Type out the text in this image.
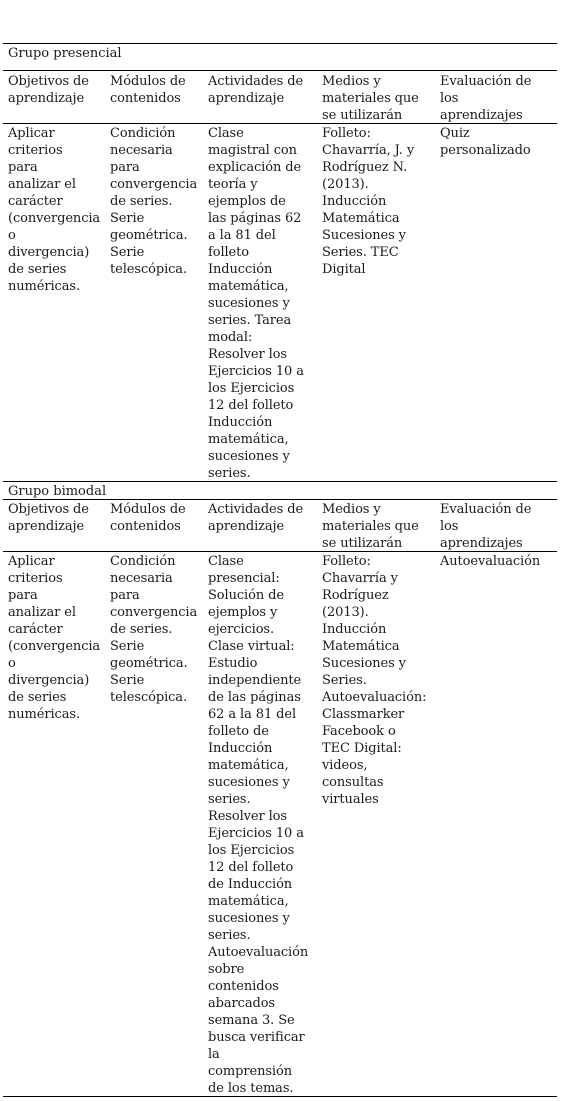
Grupo presencial
Objetivos de
aprendizaje
Módulos de
contenidos
Actividades de
aprendizaje
Medios y
materiales que
se utilizarán
Evaluación de
los
aprendizajes
Aplicar
criterios
para
analizar el
carácter
(convergencia
o
divergencia)
de series
numéricas.
Condición
necesaria
para
convergencia
de series.
Serie
geométrica.
Serie
telescópica.
Clase
magistral con
explicación de
teoría y
ejemplos de
las páginas 62
a la 81 del
folleto
Inducción
matemática,
sucesiones y
series. Tarea
modal:
Resolver los
Ejercicios 10 a
los Ejercicios
12 del folleto
Inducción
matemática,
sucesiones y
series.
Folleto:
Chavarría, J. y
Rodríguez N.
(2013).
Inducción
Matemática
Sucesiones y
Series. TEC
Digital
Quiz
personalizado
Grupo bimodal
Objetivos de
aprendizaje
Módulos de
contenidos
Actividades de
aprendizaje
Medios y
materiales que
se utilizarán
Evaluación de
los
aprendizajes
Aplicar
criterios
para
analizar el
carácter
(convergencia
o
divergencia)
de series
numéricas.
Condición
necesaria
para
convergencia
de series.
Serie
geométrica.
Serie
telescópica.
Clase
presencial:
Solución de
ejemplos y
ejercicios.
Clase virtual:
Estudio
independiente
de las páginas
62 a la 81 del
folleto de
Inducción
matemática,
sucesiones y
series.
Resolver los
Ejercicios 10 a
los Ejercicios
12 del folleto
de Inducción
matemática,
sucesiones y
series.
Autoevaluación
sobre
contenidos
abarcados
semana 3. Se
busca verificar
la
comprensión
de los temas.
Folleto:
Chavarría y
Rodríguez
(2013).
Inducción
Matemática
Sucesiones y
Series.
Autoevaluación:
Classmarker
Facebook o
TEC Digital:
videos,
consultas
virtuales
Autoevaluación
